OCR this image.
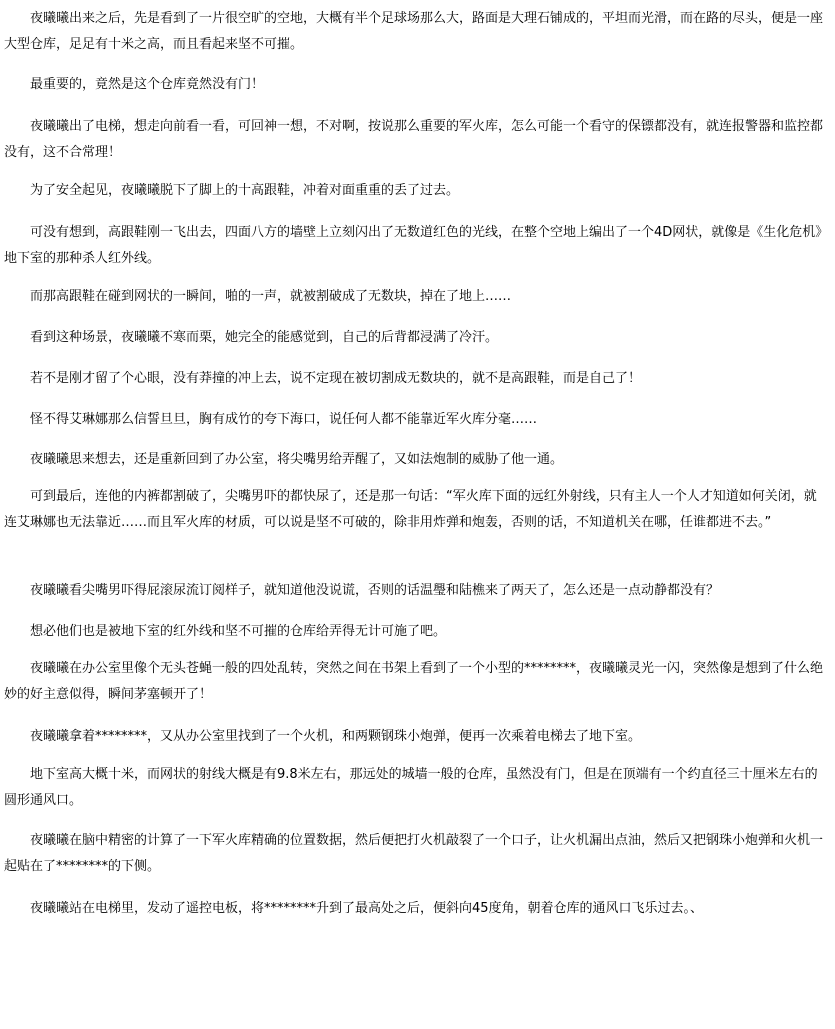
夜曦曦出来之后，先是看到了一片很空旷的空地，大概有半个足球场那么大，路面是大理石铺成的，平坦而光滑，而在路的尽头，便是一座大型仓库，足足有十米之高，而且看起来坚不可摧。

最重要的，竟然是这个仓库竟然没有门！

夜曦曦出了电梯，想走向前看一看，可回神一想，不对啊，按说那么重要的军火库，怎么可能一个看守的保镖都没有，就连报警器和监控都没有，这不合常理！

为了安全起见，夜曦曦脱下了脚上的十高跟鞋，冲着对面重重的丢了过去。

可没有想到，高跟鞋刚一飞出去，四面八方的墙壁上立刻闪出了无数道红色的光线，在整个空地上编出了一个4D网状，就像是《生化危机》地下室的那种杀人红外线。

而那高跟鞋在碰到网状的一瞬间，啪的一声，就被割破成了无数块，掉在了地上……

看到这种场景，夜曦曦不寒而栗，她完全的能感觉到，自己的后背都浸满了冷汗。

若不是刚才留了个心眼，没有莽撞的冲上去，说不定现在被切割成无数块的，就不是高跟鞋，而是自己了！

怪不得艾琳娜那么信誓旦旦，胸有成竹的夸下海口，说任何人都不能靠近军火库分毫……

夜曦曦思来想去，还是重新回到了办公室，将尖嘴男给弄醒了，又如法炮制的威胁了他一通。

可到最后，连他的内裤都割破了，尖嘴男吓的都快尿了，还是那一句话：“军火库下面的远红外射线，只有主人一个人才知道如何关闭，就连艾琳娜也无法靠近……而且军火库的材质，可以说是坚不可破的，除非用炸弹和炮轰，否则的话，不知道机关在哪，任谁都进不去。”

夜曦曦看尖嘴男吓得屁滚尿流订阅样子，就知道他没说谎，否则的话温璺和陆樵来了两天了，怎么还是一点动静都没有？

想必他们也是被地下室的红外线和坚不可摧的仓库给弄得无计可施了吧。

夜曦曦在办公室里像个无头苍蝇一般的四处乱转，突然之间在书架上看到了一个小型的********，夜曦曦灵光一闪，突然像是想到了什么绝妙的好主意似得，瞬间茅塞顿开了！

夜曦曦拿着********，又从办公室里找到了一个火机，和两颗钢珠小炮弹，便再一次乘着电梯去了地下室。

地下室高大概十米，而网状的射线大概是有9.8米左右，那远处的城墙一般的仓库，虽然没有门，但是在顶端有一个约直径三十厘米左右的圆形通风口。

夜曦曦在脑中精密的计算了一下军火库精确的位置数据，然后便把打火机敲裂了一个口子，让火机漏出点油，然后又把钢珠小炮弹和火机一起贴在了********的下侧。

夜曦曦站在电梯里，发动了遥控电板，将********升到了最高处之后，便斜向45度角，朝着仓库的通风口飞乐过去。、
